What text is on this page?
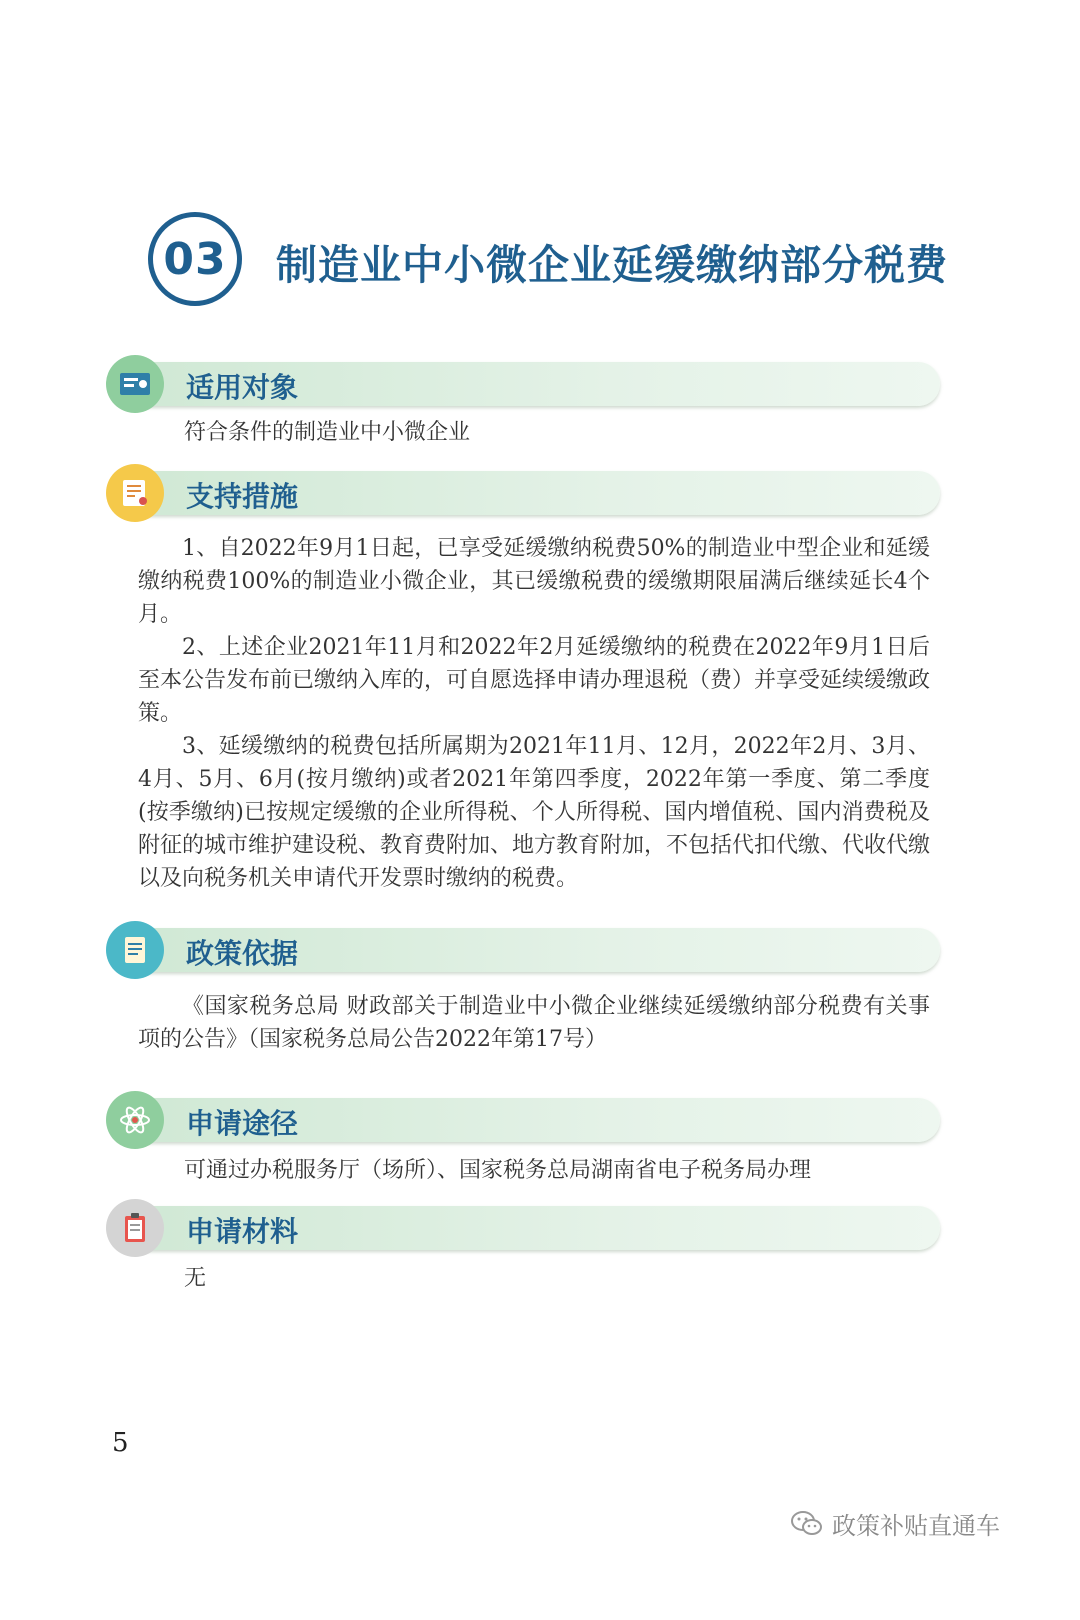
03 制造业中小微企业延缓缴纳部分税费
适用对象
符合条件的制造业中小微企业
支持措施

1、自2022年9月1日起，已享受延缓缴纳税费50%的制造业中型企业和延缓缴纳税费100%的制造业小微企业，其已缓缴税费的缓缴期限届满后继续延长4个月。

2、上述企业2021年11月和2022年2月延缓缴纳的税费在2022年9月1日后至本公告发布前已缴纳入库的，可自愿选择申请办理退税（费）并享受延续缓缴政策。

3、延缓缴纳的税费包括所属期为2021年11月、12月，2022年2月、3月、4月、5月、6月(按月缴纳)或者2021年第四季度，2022年第一季度、第二季度(按季缴纳)已按规定缓缴的企业所得税、个人所得税、国内增值税、国内消费税及附征的城市维护建设税、教育费附加、地方教育附加，不包括代扣代缴、代收代缴以及向税务机关申请代开发票时缴纳的税费。

政策依据

《国家税务总局 财政部关于制造业中小微企业继续延缓缴纳部分税费有关事项的公告》（国家税务总局公告2022年第17号）

申请途径
可通过办税服务厅（场所）、国家税务总局湖南省电子税务局办理
申请材料
无
5
政策补贴直通车
